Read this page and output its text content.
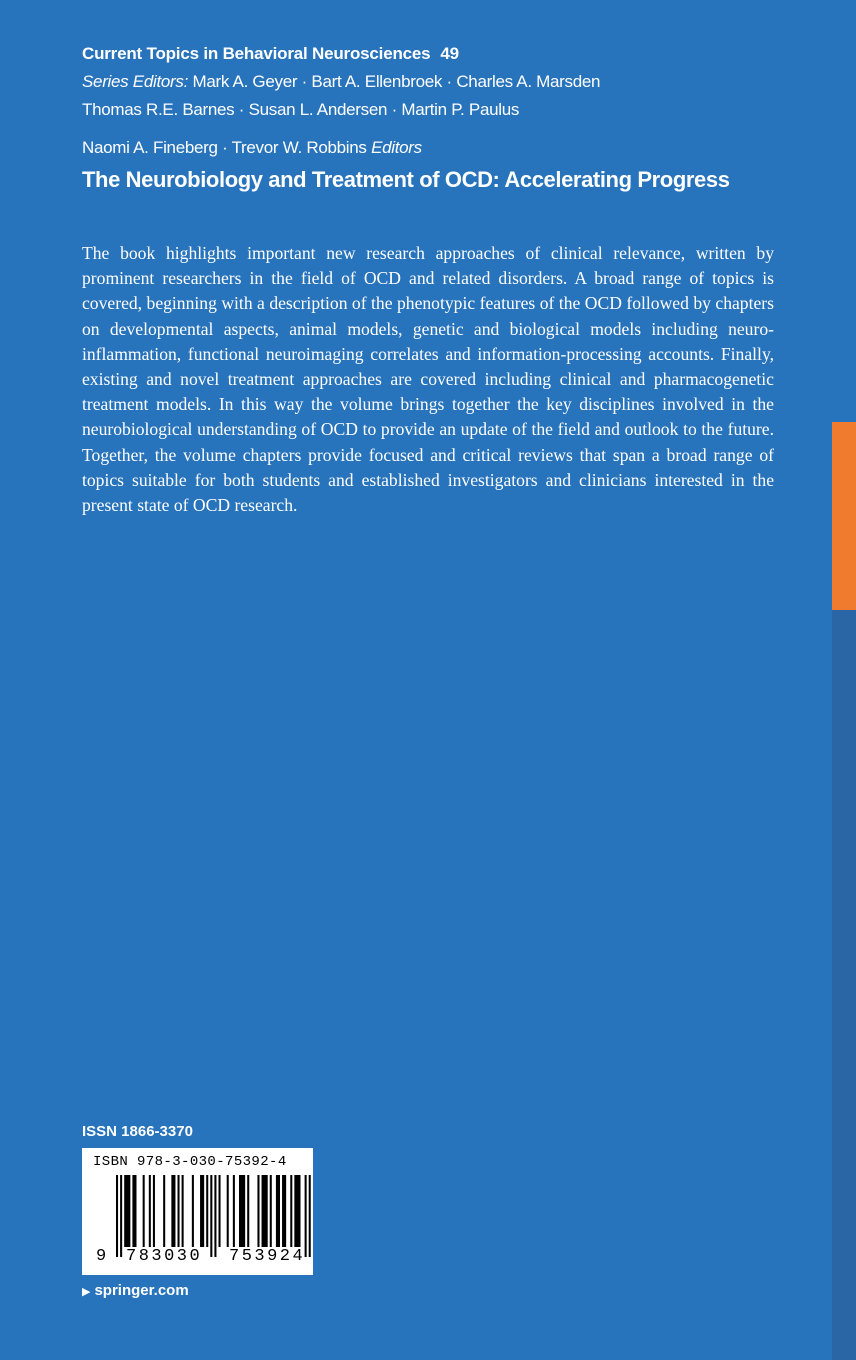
Current Topics in Behavioral Neurosciences 49
Series Editors: Mark A. Geyer · Bart A. Ellenbroek · Charles A. Marsden
Thomas R.E. Barnes · Susan L. Andersen · Martin P. Paulus
Naomi A. Fineberg · Trevor W. Robbins Editors
The Neurobiology and Treatment of OCD: Accelerating Progress

The book highlights important new research approaches of clinical relevance, written by prominent researchers in the field of OCD and related disorders. A broad range of topics is covered, beginning with a description of the phenotypic features of the OCD followed by chapters on developmental aspects, animal models, genetic and biological models including neuro-inflammation, functional neuroimaging correlates and information-processing accounts. Finally, existing and novel treatment approaches are covered including clinical and pharmacogenetic treatment models. In this way the volume brings together the key disciplines involved in the neurobiological understanding of OCD to provide an update of the field and outlook to the future. Together, the volume chapters provide focused and critical reviews that span a broad range of topics suitable for both students and established investigators and clinicians interested in the present state of OCD research.

ISSN 1866-3370
ISBN 978-3-030-75392-4
9 783030 753924
▶ springer.com
